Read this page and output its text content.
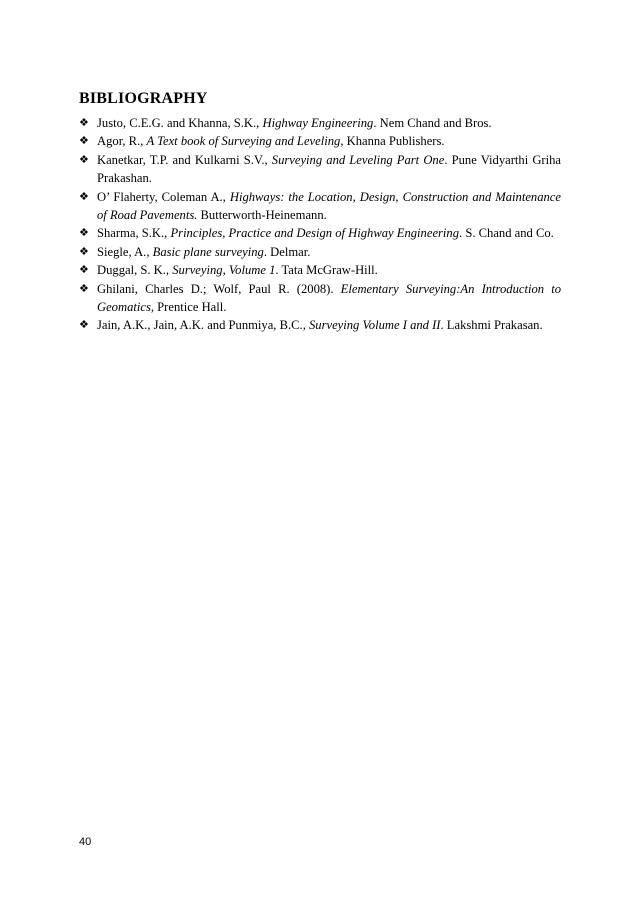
BIBLIOGRAPHY
❖ Justo, C.E.G. and Khanna, S.K., Highway Engineering. Nem Chand and Bros.
❖ Agor, R., A Text book of Surveying and Leveling, Khanna Publishers.
❖ Kanetkar, T.P. and Kulkarni S.V., Surveying and Leveling Part One. Pune Vidyarthi Griha Prakashan.
❖ O’ Flaherty, Coleman A., Highways: the Location, Design, Construction and Maintenance of Road Pavements. Butterworth-Heinemann.
❖ Sharma, S.K., Principles, Practice and Design of Highway Engineering. S. Chand and Co.
❖ Siegle, A., Basic plane surveying. Delmar.
❖ Duggal, S. K., Surveying, Volume 1. Tata McGraw-Hill.
❖ Ghilani, Charles D.; Wolf, Paul R. (2008). Elementary Surveying:An Introduction to Geomatics, Prentice Hall.
❖ Jain, A.K., Jain, A.K. and Punmiya, B.C., Surveying Volume I and II. Lakshmi Prakasan.
40
